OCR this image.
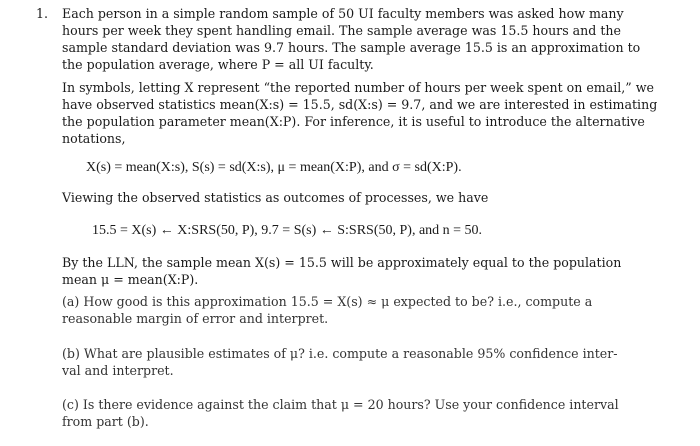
1. Each person in a simple random sample of 50 UI faculty members was asked how many
hours per week they spent handling email. The sample average was 15.5 hours and the
sample standard deviation was 9.7 hours. The sample average 15.5 is an approximation to
the population average, where P = all UI faculty.
In symbols, letting X represent “the reported number of hours per week spent on email,” we
have observed statistics mean(X:s) = 15.5, sd(X:s) = 9.7, and we are interested in estimating
the population parameter mean(X:P). For inference, it is useful to introduce the alternative
notations,
X(s) = mean(X:s), S(s) = sd(X:s), μ = mean(X:P), and σ = sd(X:P).
Viewing the observed statistics as outcomes of processes, we have
15.5 = X(s) ← X:SRS(50, P), 9.7 = S(s) ← S:SRS(50, P), and n = 50.
By the LLN, the sample mean X(s) = 15.5 will be approximately equal to the population
mean μ = mean(X:P).
(a) How good is this approximation 15.5 = X(s) ≈ μ expected to be? i.e., compute a
reasonable margin of error and interpret.
(b) What are plausible estimates of μ? i.e. compute a reasonable 95% confidence inter-
val and interpret.
(c) Is there evidence against the claim that μ = 20 hours? Use your confidence interval
from part (b).
